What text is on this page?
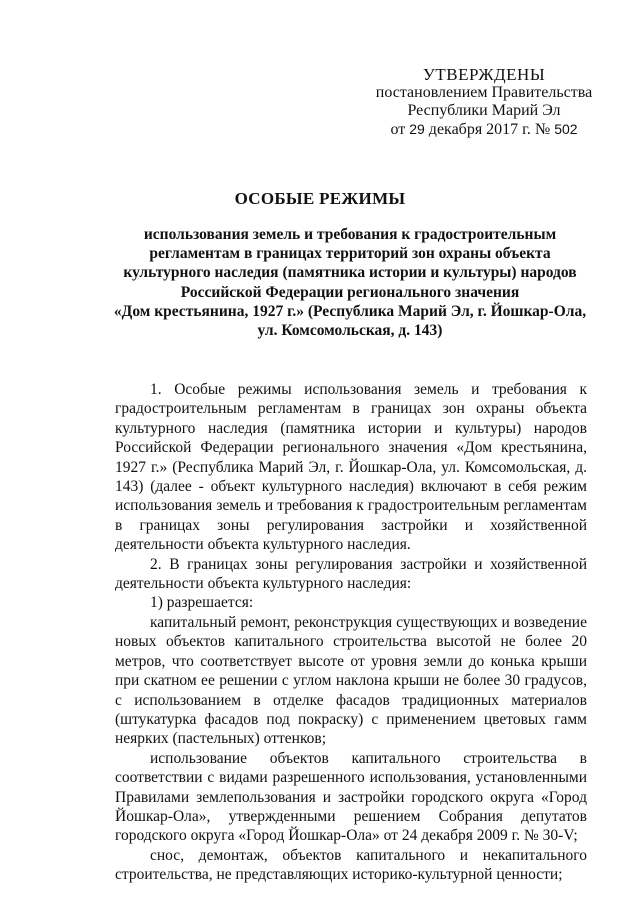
УТВЕРЖДЕНЫ
постановлением Правительства
Республики Марий Эл
от 29 декабря 2017 г. № 502
ОСОБЫЕ РЕЖИМЫ
использования земель и требования к градостроительным
регламентам в границах территорий зон охраны объекта
культурного наследия (памятника истории и культуры) народов
Российской Федерации регионального значения
«Дом крестьянина, 1927 г.» (Республика Марий Эл, г. Йошкар-Ола,
ул. Комсомольская, д. 143)

1. Особые режимы использования земель и требования к градостроительным регламентам в границах зон охраны объекта культурного наследия (памятника истории и культуры) народов Российской Федерации регионального значения «Дом крестьянина, 1927 г.» (Республика Марий Эл, г. Йошкар-Ола, ул. Комсомольская, д. 143) (далее - объект культурного наследия) включают в себя режим использования земель и требования к градостроительным регламентам в границах зоны регулирования застройки и хозяйственной деятельности объекта культурного наследия.

2. В границах зоны регулирования застройки и хозяйственной деятельности объекта культурного наследия:

1) разрешается:

капитальный ремонт, реконструкция существующих и возведение новых объектов капитального строительства высотой не более 20 метров, что соответствует высоте от уровня земли до конька крыши при скатном ее решении с углом наклона крыши не более 30 градусов, с использованием в отделке фасадов традиционных материалов (штукатурка фасадов под покраску) с применением цветовых гамм неярких (пастельных) оттенков;

использование объектов капитального строительства в соответствии с видами разрешенного использования, установленными Правилами землепользования и застройки городского округа «Город Йошкар-Ола», утвержденными решением Собрания депутатов городского округа «Город Йошкар-Ола» от 24 декабря 2009 г. № 30-V;

снос, демонтаж, объектов капитального и некапитального строительства, не представляющих историко-культурной ценности;
